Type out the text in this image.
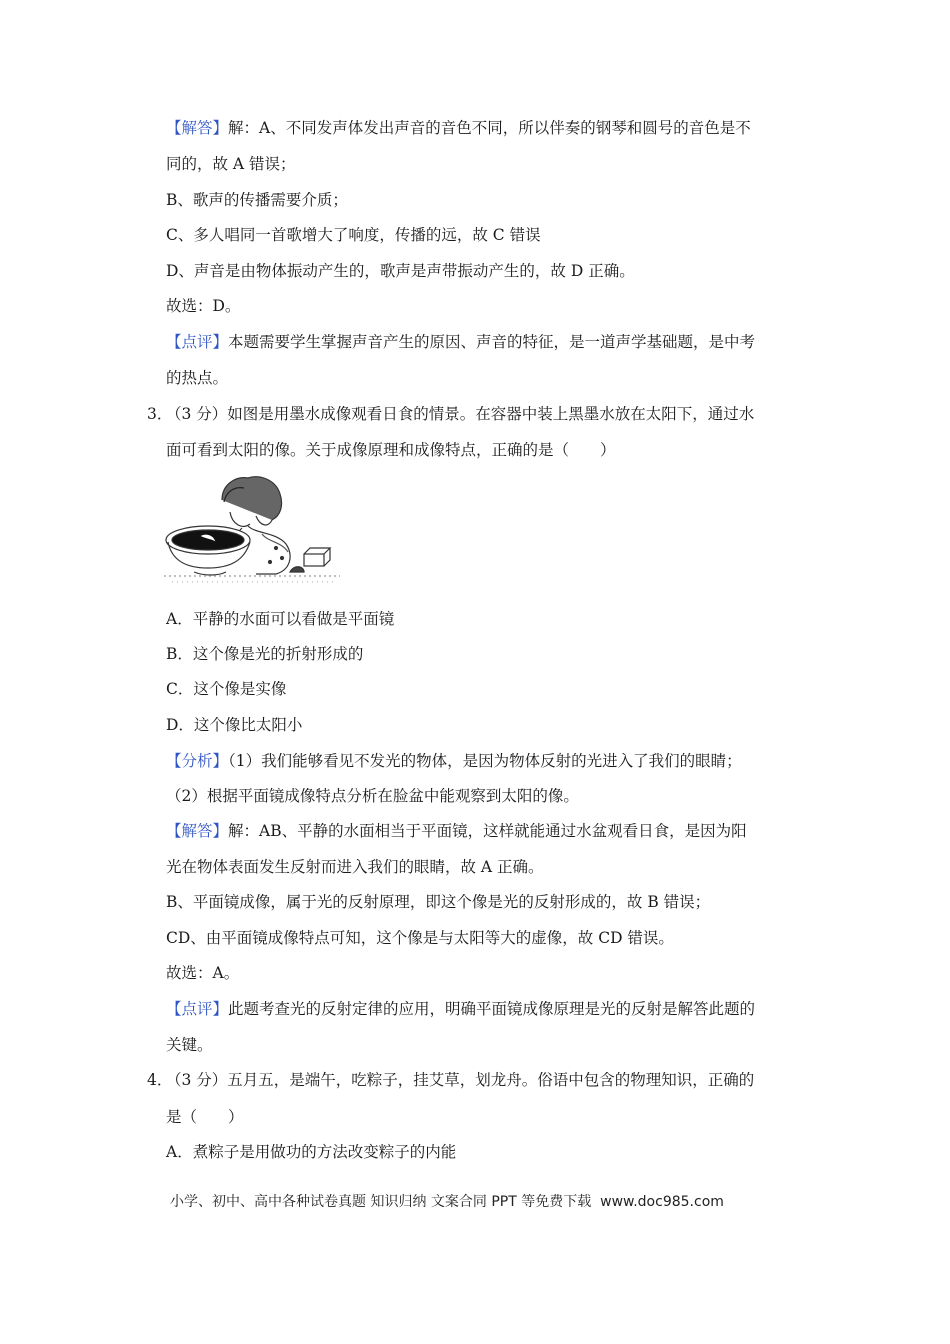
【解答】解：A、不同发声体发出声音的音色不同，所以伴奏的钢琴和圆号的音色是不
同的，故 A 错误；
B、歌声的传播需要介质；
C、多人唱同一首歌增大了响度，传播的远，故 C 错误
D、声音是由物体振动产生的，歌声是声带振动产生的，故 D 正确。
故选：D。
【点评】本题需要学生掌握声音产生的原因、声音的特征，是一道声学基础题，是中考
的热点。
3．
（3 分）如图是用墨水成像观看日食的情景。在容器中装上黑墨水放在太阳下，通过水
面可看到太阳的像。关于成像原理和成像特点，正确的是（　　）
A．平静的水面可以看做是平面镜
B．这个像是光的折射形成的
C．这个像是实像
D．这个像比太阳小
【分析】（1）我们能够看见不发光的物体，是因为物体反射的光进入了我们的眼睛；
（2）根据平面镜成像特点分析在脸盆中能观察到太阳的像。
【解答】解：AB、平静的水面相当于平面镜，这样就能通过水盆观看日食，是因为阳
光在物体表面发生反射而进入我们的眼睛，故 A 正确。
B、平面镜成像，属于光的反射原理，即这个像是光的反射形成的，故 B 错误；
CD、由平面镜成像特点可知，这个像是与太阳等大的虚像，故 CD 错误。
故选：A。
【点评】此题考查光的反射定律的应用，明确平面镜成像原理是光的反射是解答此题的
关键。
4．
（3 分）五月五，是端午，吃粽子，挂艾草，划龙舟。俗语中包含的物理知识，正确的
是（　　）
A．煮粽子是用做功的方法改变粽子的内能
小学、初中、高中各种试卷真题 知识归纳 文案合同 PPT 等免费下载 www.doc985.com
